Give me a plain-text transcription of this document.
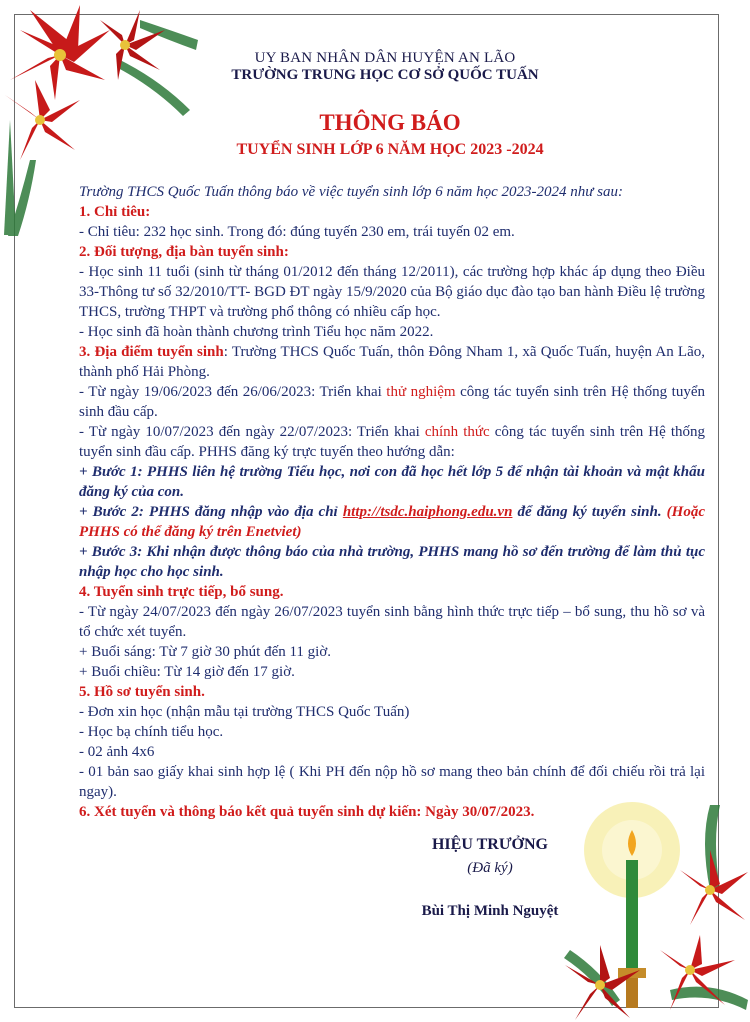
UY BAN NHÂN DÂN HUYỆN AN LÃO
TRƯỜNG TRUNG HỌC CƠ SỞ QUỐC TUẤN
THÔNG BÁO
TUYỂN SINH LỚP 6 NĂM HỌC 2023 -2024

Trường THCS Quốc Tuấn thông báo về việc tuyển sinh lớp 6 năm học 2023-2024 như sau:

1. Chỉ tiêu:

- Chỉ tiêu: 232 học sinh. Trong đó: đúng tuyến 230 em, trái tuyến 02 em.

2. Đối tượng, địa bàn tuyển sinh:

- Học sinh 11 tuổi (sinh từ tháng 01/2012 đến tháng 12/2011), các trường hợp khác áp dụng theo Điều 33-Thông tư số 32/2010/TT- BGD ĐT ngày 15/9/2020 của Bộ giáo dục đào tạo ban hành Điều lệ trường THCS, trường THPT và trường phổ thông có nhiều cấp học.

- Học sinh đã hoàn thành chương trình Tiểu học năm 2022.

3. Địa điểm tuyển sinh: Trường THCS Quốc Tuấn, thôn Đông Nham 1, xã Quốc Tuấn, huyện An Lão, thành phố Hải Phòng.

- Từ ngày 19/06/2023 đến 26/06/2023: Triển khai thử nghiệm công tác tuyển sinh trên Hệ thống tuyển sinh đầu cấp.

- Từ ngày 10/07/2023 đến ngày 22/07/2023: Triển khai chính thức công tác tuyển sinh trên Hệ thống tuyển sinh đầu cấp. PHHS đăng ký trực tuyến theo hướng dẫn:

+ Bước 1: PHHS liên hệ trường Tiểu học, nơi con đã học hết lớp 5 để nhận tài khoản và mật khẩu đăng ký của con.

+ Bước 2: PHHS đăng nhập vào địa chỉ http://tsdc.haiphong.edu.vn để đăng ký tuyển sinh. (Hoặc PHHS có thể đăng ký trên Enetviet)

+ Bước 3: Khi nhận được thông báo của nhà trường, PHHS mang hồ sơ đến trường để làm thủ tục nhập học cho học sinh.

4. Tuyển sinh trực tiếp, bổ sung.

- Từ ngày 24/07/2023 đến ngày 26/07/2023 tuyển sinh bằng hình thức trực tiếp – bổ sung, thu hồ sơ và tổ chức xét tuyển.

+ Buổi sáng: Từ 7 giờ 30 phút đến 11 giờ.

+ Buổi chiều: Từ 14 giờ đến 17 giờ.

5. Hồ sơ tuyển sinh.

- Đơn xin học (nhận mẫu tại trường THCS Quốc Tuấn)

- Học bạ chính tiểu học.

- 02 ảnh 4x6

- 01 bản sao giấy khai sinh hợp lệ ( Khi PH đến nộp hồ sơ mang theo bản chính để đối chiếu rồi trả lại ngay).

6. Xét tuyển và thông báo kết quả tuyển sinh dự kiến: Ngày 30/07/2023.

HIỆU TRƯỞNG
(Đã ký)
Bùi Thị Minh Nguyệt
